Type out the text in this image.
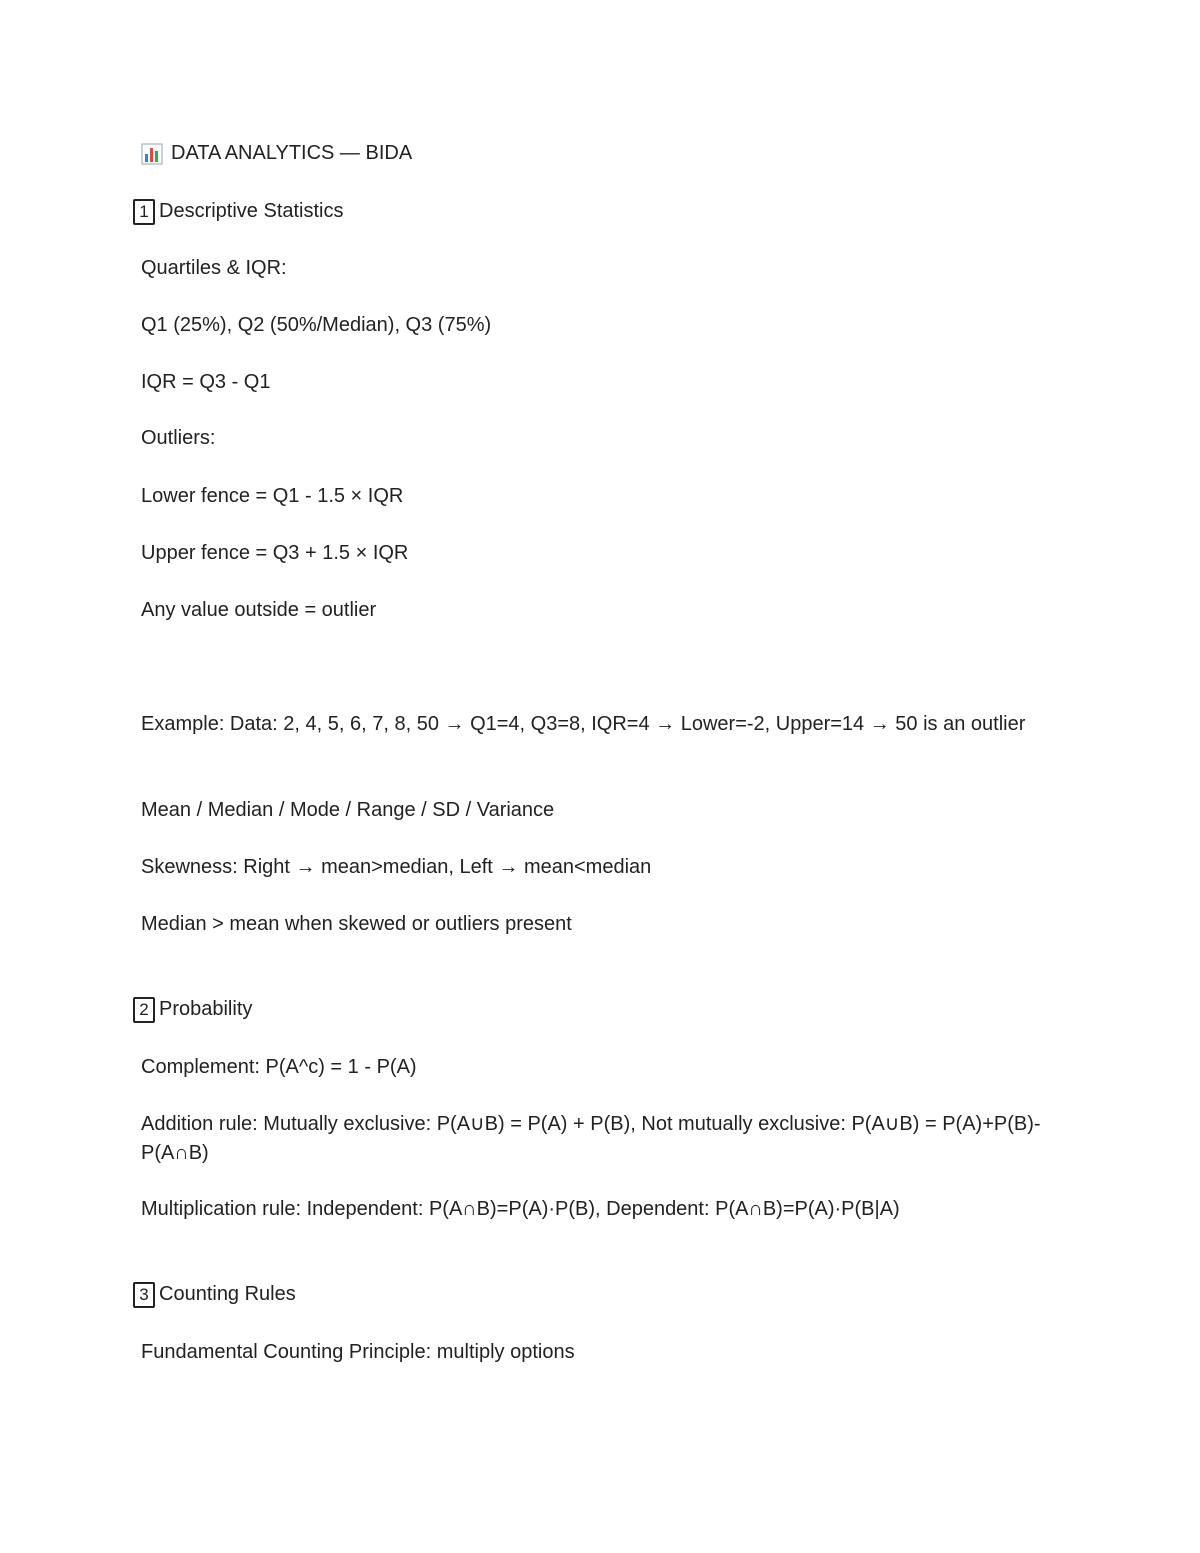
DATA ANALYTICS — BIDA
1 Descriptive Statistics
Quartiles & IQR:
Q1 (25%), Q2 (50%/Median), Q3 (75%)
IQR = Q3 - Q1
Outliers:
Lower fence = Q1 - 1.5 × IQR
Upper fence = Q3 + 1.5 × IQR
Any value outside = outlier
Example: Data: 2, 4, 5, 6, 7, 8, 50 → Q1=4, Q3=8, IQR=4 → Lower=-2, Upper=14 → 50 is an outlier
Mean / Median / Mode / Range / SD / Variance
Skewness: Right → mean>median, Left → mean<median
Median > mean when skewed or outliers present
2 Probability
Complement: P(A^c) = 1 - P(A)
Addition rule: Mutually exclusive: P(A∪B) = P(A) + P(B), Not mutually exclusive: P(A∪B) = P(A)+P(B)-P(A∩B)
Multiplication rule: Independent: P(A∩B)=P(A)·P(B), Dependent: P(A∩B)=P(A)·P(B|A)
3 Counting Rules
Fundamental Counting Principle: multiply options
